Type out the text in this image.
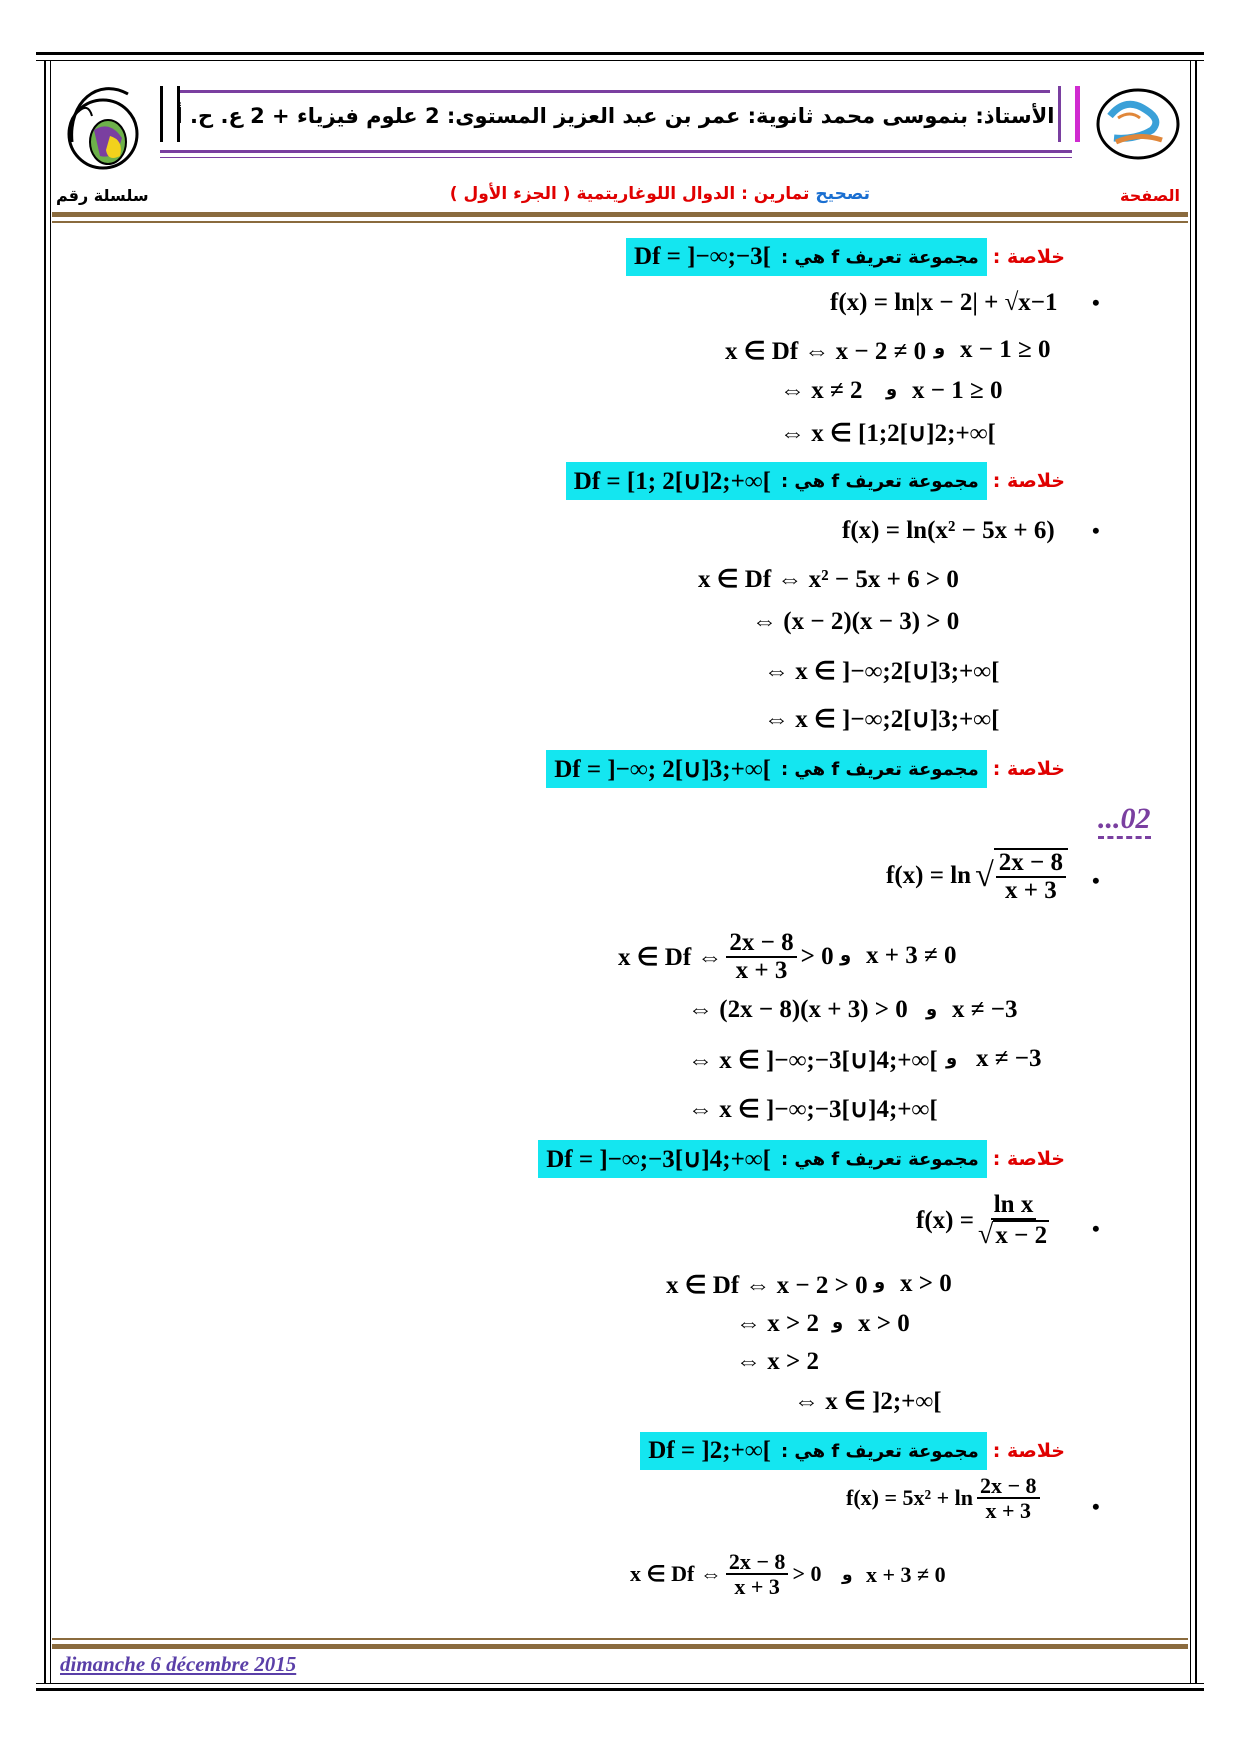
الأستاذ: بنموسى محمد ثانوية: عمر بن عبد العزيز المستوى: 2 علوم فيزياء + 2 ع. ح. أ
سلسلة رقم	الصفحة
تصحيح
تمارين : الدوال اللوغاريتمية ( الجزء الأول )
خلاصة :
مجموعة تعريف f هي :
Df = ]−∞;−3[
•
f(x) = ln|x − 2| + √x−1
x ∈ Df ⇔ x − 2 ≠ 0 و x − 1 ≥ 0
⇔ x ≠ 2 و x − 1 ≥ 0
⇔ x ∈ [1;2[∪]2;+∞[
خلاصة :
مجموعة تعريف f هي :
Df = [1; 2[∪]2;+∞[
•
f(x) = ln(x² − 5x + 6)
x ∈ Df ⇔ x² − 5x + 6 > 0
⇔ (x − 2)(x − 3) > 0
⇔ x ∈ ]−∞;2[∪]3;+∞[
⇔ x ∈ ]−∞;2[∪]3;+∞[
خلاصة :
مجموعة تعريف f هي :
Df = ]−∞; 2[∪]3;+∞[
...02
•
f(x) = ln √ $\frac{2x - 8}{x + 3}$
x ∈ Df ⇔ $\frac{2x - 8}{x + 3} > 0$ و x + 3 ≠ 0
⇔ (2x − 8)(x + 3) > 0 و x ≠ −3
⇔ x ∈ ]−∞;−3[∪]4;+∞[ و x ≠ −3
⇔ x ∈ ]−∞;−3[∪]4;+∞[
خلاصة :
مجموعة تعريف f هي :
Df = ]−∞;−3[∪]4;+∞[
•
$f(x) = \frac{\text{ln x}}{√x - 2}$
x ∈ Df ⇔ x − 2 > 0 و x > 0
⇔ x > 2 و x > 0
⇔ x > 2
⇔ x ∈ ]2;+∞[
خلاصة :
مجموعة تعريف f هي :
Df = ]2;+∞[
•
$f(x) = 5x^2 + \ln \frac{2x - 8}{x + 3}$
x ∈ Df ⇔ $\frac{2x - 8}{x + 3} > 0$ و x + 3 ≠ 0
dimanche 6 décembre 2015
